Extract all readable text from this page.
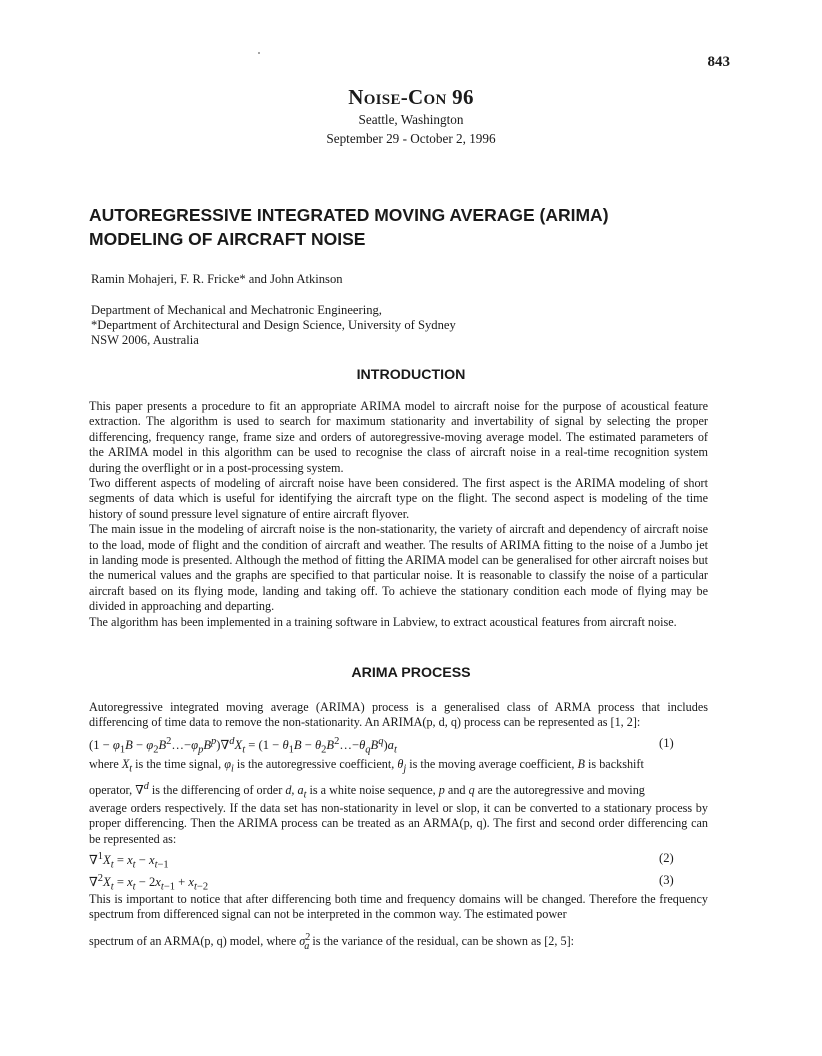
843
Noise-Con 96
Seattle, Washington
September 29 - October 2, 1996
AUTOREGRESSIVE INTEGRATED MOVING AVERAGE (ARIMA)
MODELING OF AIRCRAFT NOISE
Ramin Mohajeri, F. R. Fricke* and John Atkinson
Department of Mechanical and Mechatronic Engineering,
*Department of Architectural and Design Science, University of Sydney
NSW 2006, Australia
INTRODUCTION

This paper presents a procedure to fit an appropriate ARIMA model to aircraft noise for the purpose of acoustical feature extraction. The algorithm is used to search for maximum stationarity and invertability of signal by selecting the proper differencing, frequency range, frame size and orders of autoregressive-moving average model. The estimated parameters of the ARIMA model in this algorithm can be used to recognise the class of aircraft noise in a real-time recognition system during the overflight or in a post-processing system.

Two different aspects of modeling of aircraft noise have been considered. The first aspect is the ARIMA modeling of short segments of data which is useful for identifying the aircraft type on the flight. The second aspect is modeling of the time history of sound pressure level signature of entire aircraft flyover.

The main issue in the modeling of aircraft noise is the non-stationarity, the variety of aircraft and dependency of aircraft noise to the load, mode of flight and the condition of aircraft and weather. The results of ARIMA fitting to the noise of a Jumbo jet in landing mode is presented. Although the method of fitting the ARIMA model can be generalised for other aircraft noises but the numerical values and the graphs are specified to that particular noise. It is reasonable to classify the noise of a particular aircraft based on its flying mode, landing and taking off. To achieve the stationary condition each mode of flying may be divided in approaching and departing.

The algorithm has been implemented in a training software in Labview, to extract acoustical features from aircraft noise.

ARIMA PROCESS
Autoregressive integrated moving average (ARIMA) process is a generalised class of ARMA process that includes differencing of time data to remove the non-stationarity. An ARIMA(p, d, q) process can be represented as [1, 2]:
($1 - \varphi_1B$ − $\varphi_2B^2\dots-\varphi_pB^p)\nabla^dX_t = (1 - \theta_1B$ − $\theta_2B^2\dots-\theta_qB^q)a_t$
(1)
where $X_t$ is the time signal, $\varphi_i$ is the autoregressive coefficient, $\theta_j$ is the moving average coefficient, B is backshift
operator, ∇$^d$ is the differencing of order d, $a_t$ is a white noise sequence, p and q are the autoregressive and moving
average orders respectively. If the data set has non-stationarity in level or slop, it can be converted to a stationary process by proper differencing. Then the ARIMA process can be treated as an ARMA(p, q). The first and second order differencing can be represented as:
$\nabla^1X_t = x_t - x_{t-1}$
(2)
$\nabla^2X_t = x_t - 2x_{t-1} + x_{t-2}$
(3)
This is important to notice that after differencing both time and frequency domains will be changed. Therefore the frequency spectrum from differenced signal can not be interpreted in the common way. The estimated power
spectrum of an ARMA(p, q) model, where $\sigma^2_a$ is the variance of the residual, can be shown as [2, 5]:
